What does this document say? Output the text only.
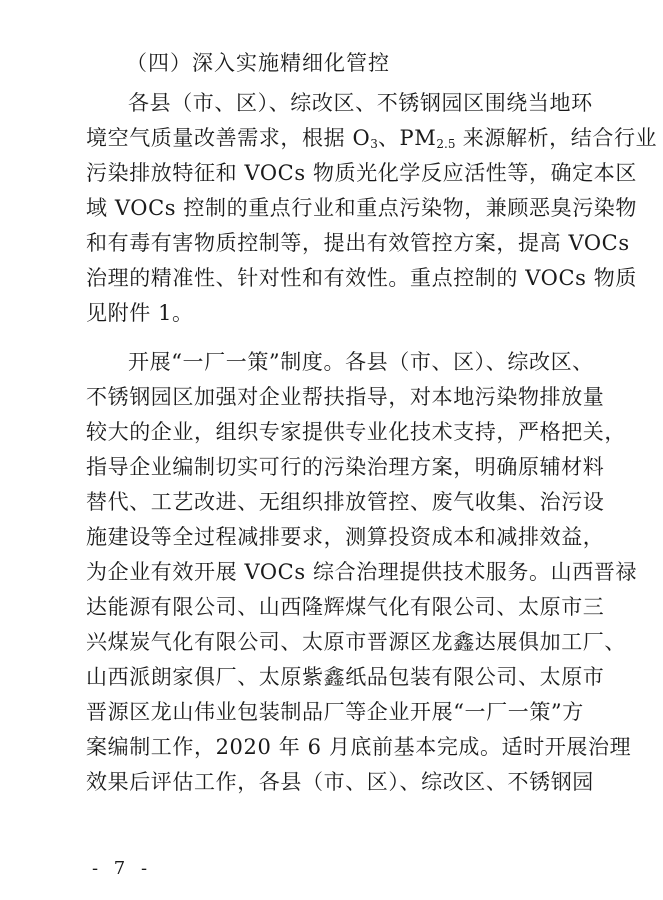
（四）深入实施精细化管控
各县（市、区）、综改区、不锈钢园区围绕当地环
境空气质量改善需求，根据 $O_3$、$PM_{2.5}$ 来源解析，结合行业
污染排放特征和 VOCs 物质光化学反应活性等，确定本区
域 VOCs 控制的重点行业和重点污染物，兼顾恶臭污染物
和有毒有害物质控制等，提出有效管控方案，提高 VOCs
治理的精准性、针对性和有效性。重点控制的 VOCs 物质
见附件 1。
开展“一厂一策”制度。各县（市、区）、综改区、
不锈钢园区加强对企业帮扶指导，对本地污染物排放量
较大的企业，组织专家提供专业化技术支持，严格把关，
指导企业编制切实可行的污染治理方案，明确原辅材料
替代、工艺改进、无组织排放管控、废气收集、治污设
施建设等全过程减排要求，测算投资成本和减排效益，
为企业有效开展 VOCs 综合治理提供技术服务。山西晋禄
达能源有限公司、山西隆辉煤气化有限公司、太原市三
兴煤炭气化有限公司、太原市晋源区龙鑫达展俱加工厂、
山西派朗家俱厂、太原紫鑫纸品包装有限公司、太原市
晋源区龙山伟业包装制品厂等企业开展“一厂一策”方
案编制工作，2020 年 6 月底前基本完成。适时开展治理
效果后评估工作，各县（市、区）、综改区、不锈钢园
- 7 -
